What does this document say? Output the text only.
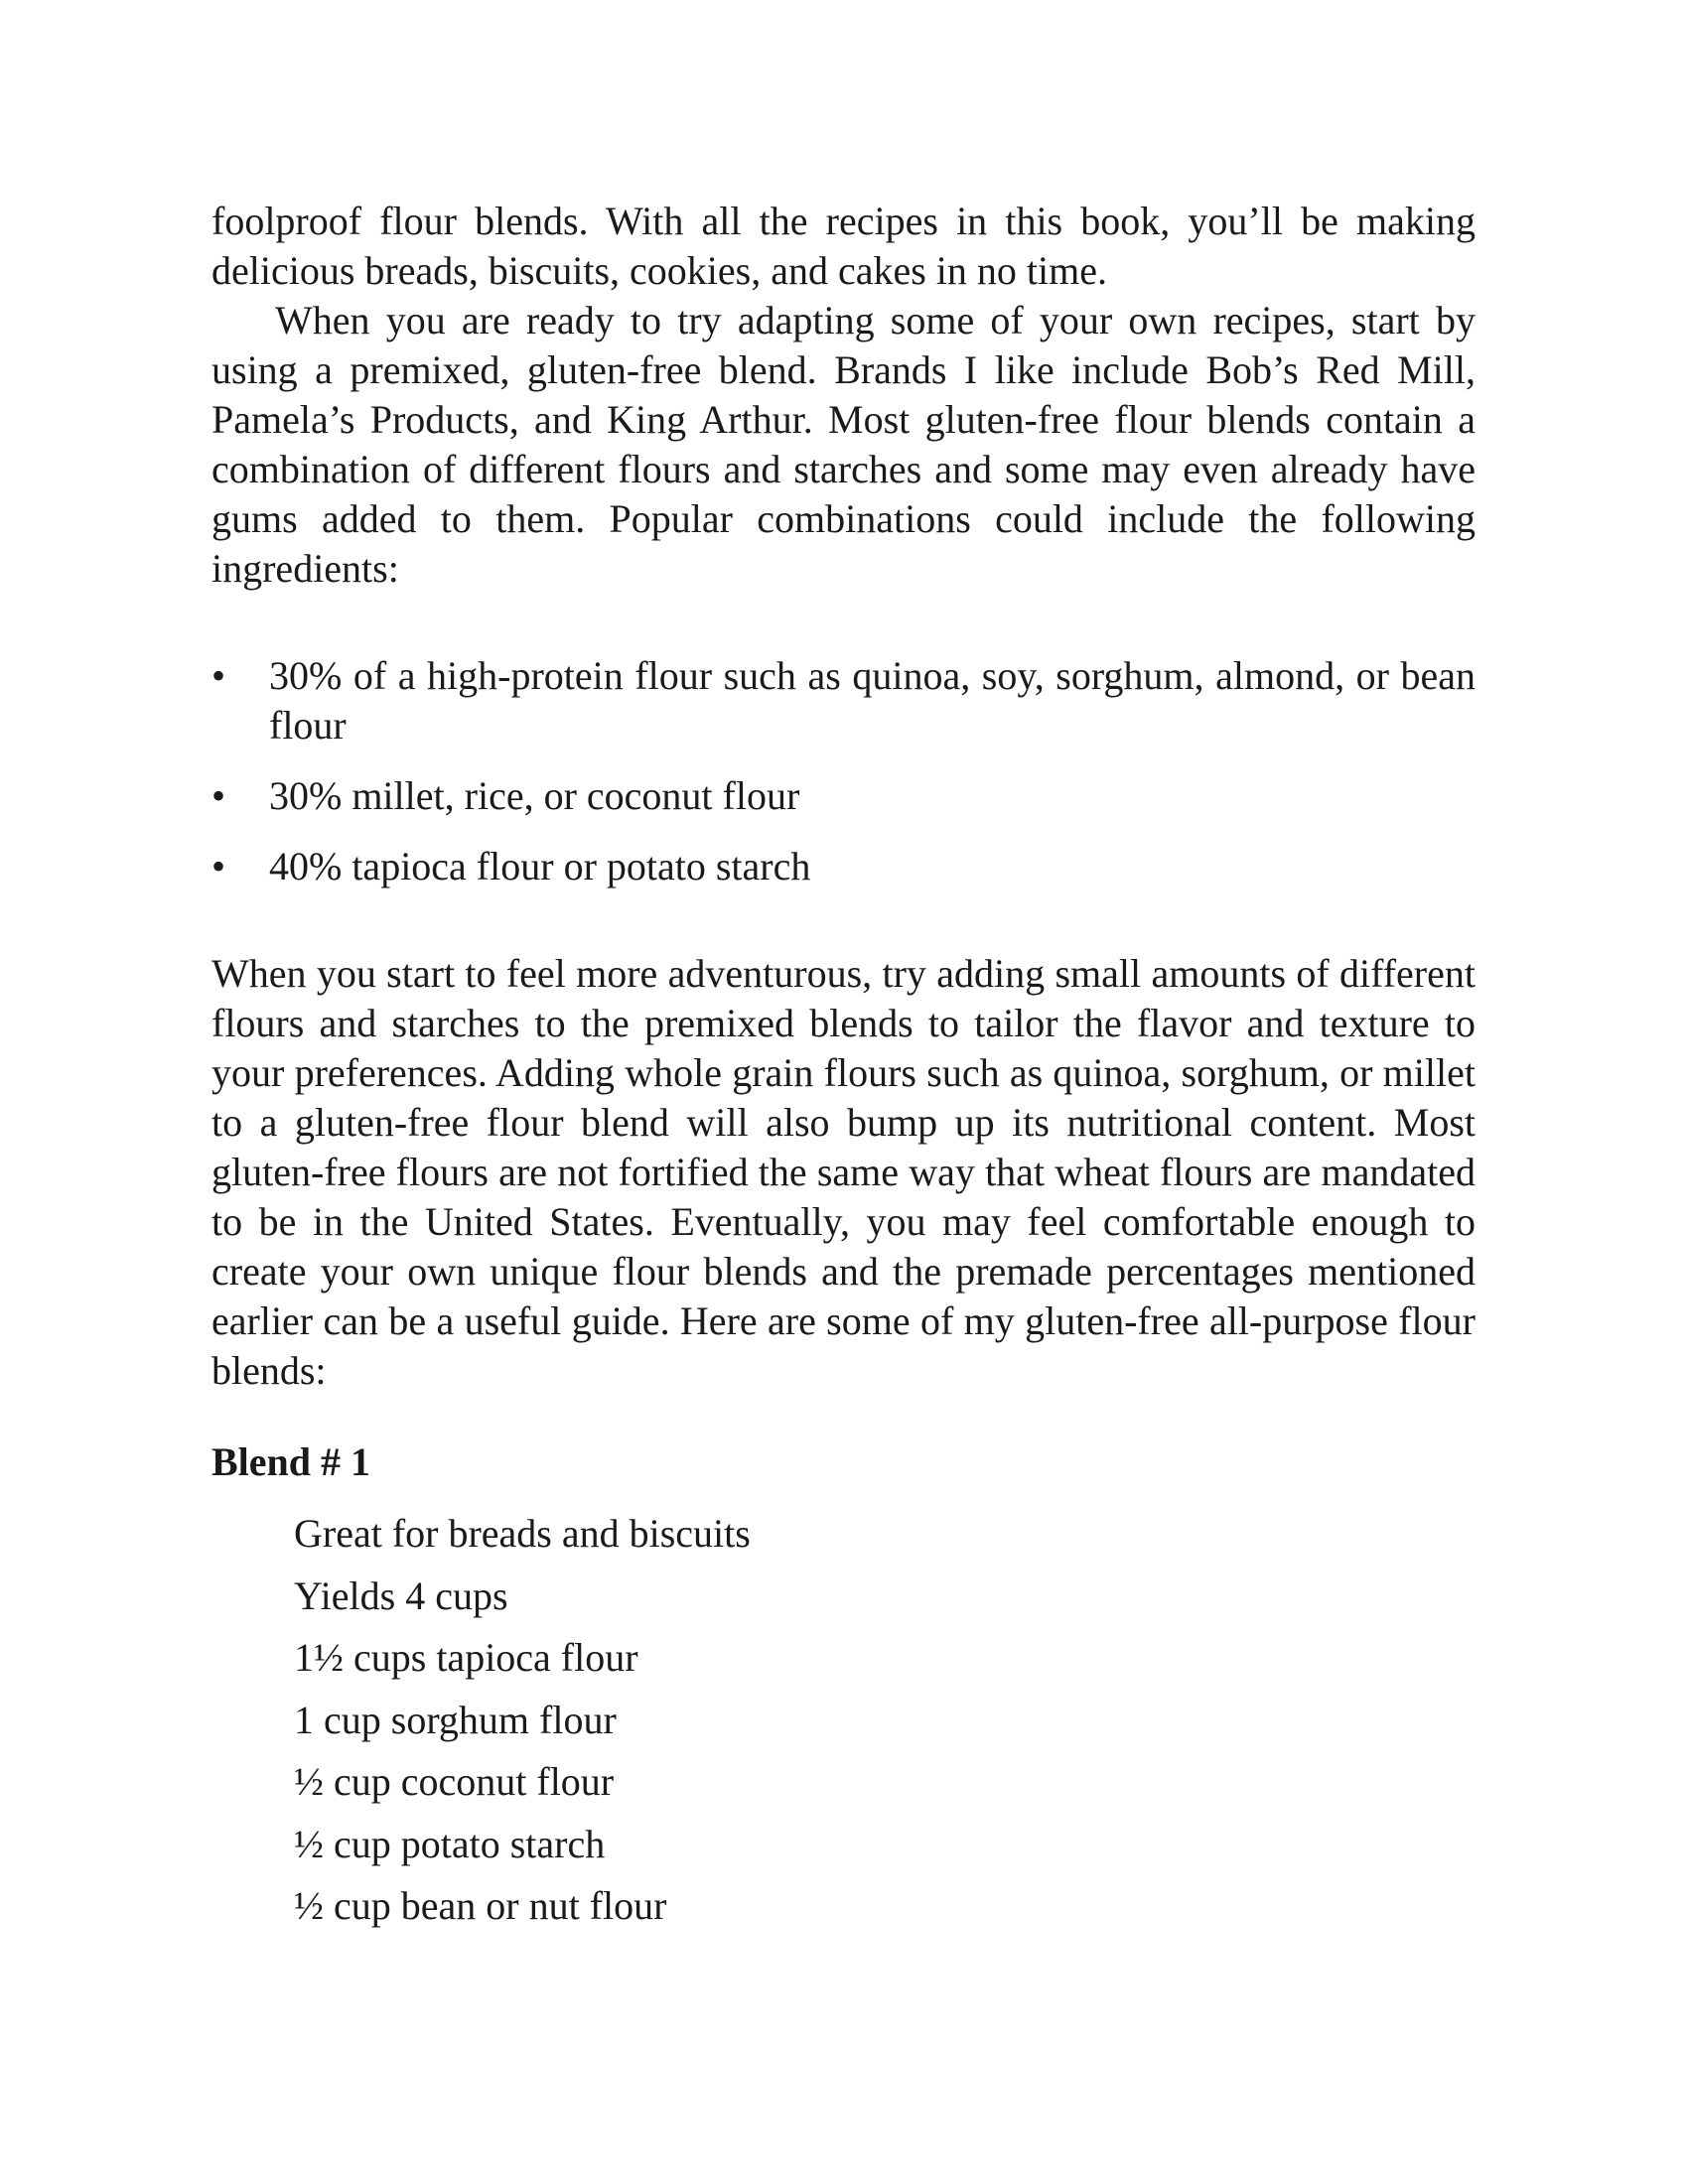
foolproof flour blends. With all the recipes in this book, you’ll be making delicious breads, biscuits, cookies, and cakes in no time.

When you are ready to try adapting some of your own recipes, start by using a premixed, gluten-free blend. Brands I like include Bob’s Red Mill, Pamela’s Products, and King Arthur. Most gluten-free flour blends contain a combination of different flours and starches and some may even already have gums added to them. Popular combinations could include the following ingredients:

• 30% of a high-protein flour such as quinoa, soy, sorghum, almond, or bean flour
• 30% millet, rice, or coconut flour
• 40% tapioca flour or potato starch

When you start to feel more adventurous, try adding small amounts of different flours and starches to the premixed blends to tailor the flavor and texture to your preferences. Adding whole grain flours such as quinoa, sorghum, or millet to a gluten-free flour blend will also bump up its nutritional content. Most gluten-free flours are not fortified the same way that wheat flours are mandated to be in the United States. Eventually, you may feel comfortable enough to create your own unique flour blends and the premade percentages mentioned earlier can be a useful guide. Here are some of my gluten-free all-purpose flour blends:

Blend # 1
Great for breads and biscuits
Yields 4 cups
1½ cups tapioca flour
1 cup sorghum flour
½ cup coconut flour
½ cup potato starch
½ cup bean or nut flour
